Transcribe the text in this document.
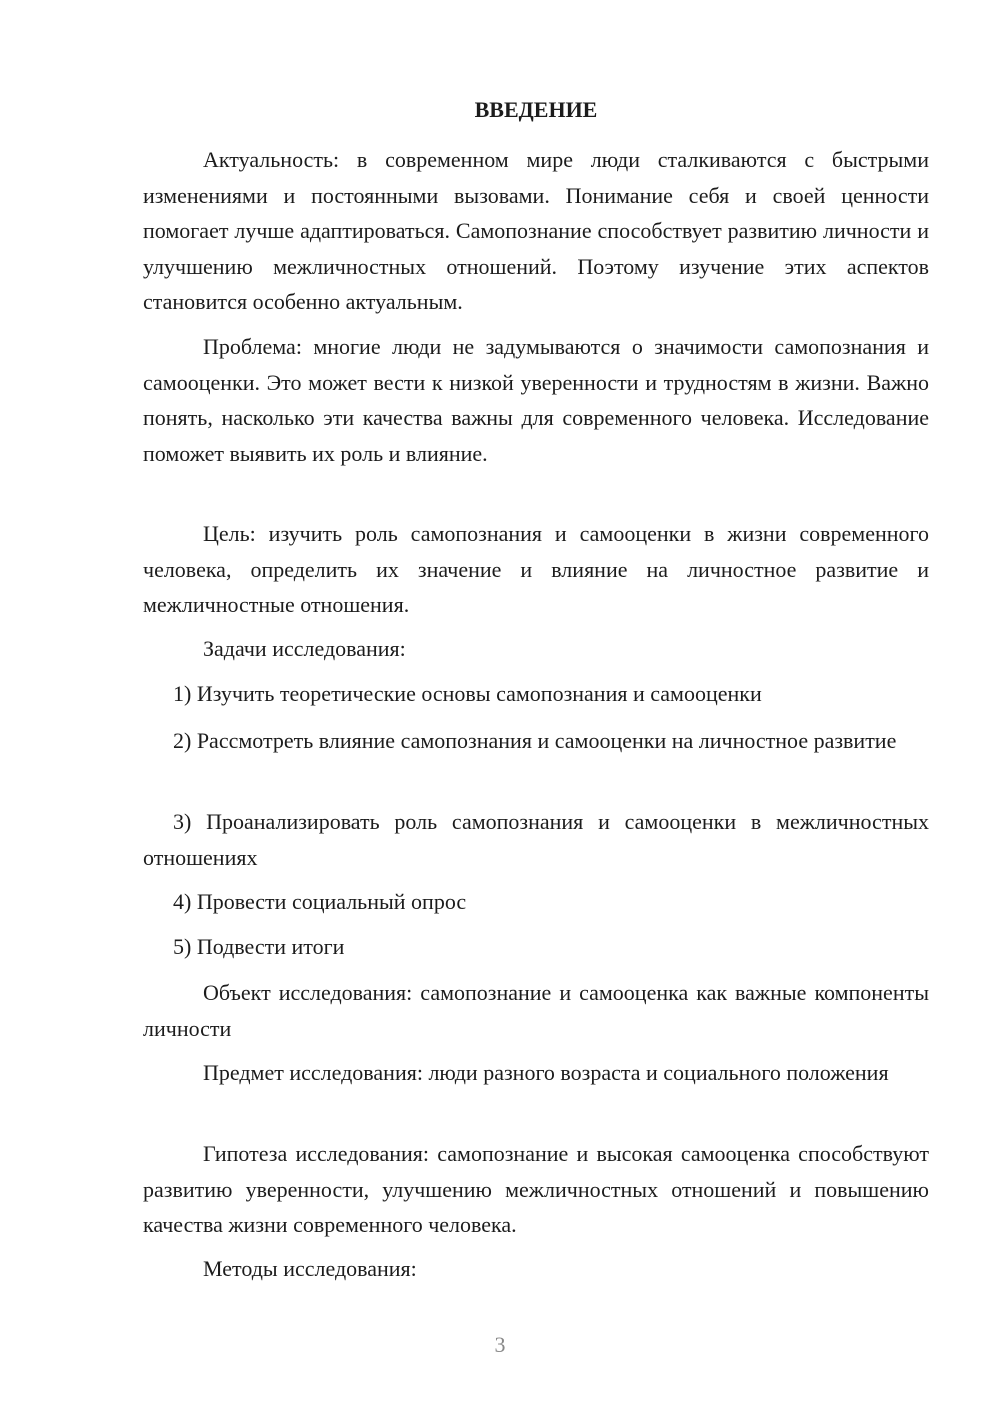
ВВЕДЕНИЕ

Актуальность: в современном мире люди сталкиваются с быстрыми изменениями и постоянными вызовами. Понимание себя и своей ценности помогает лучше адаптироваться. Самопознание способствует развитию личности и улучшению межличностных отношений. Поэтому изучение этих аспектов становится особенно актуальным.

Проблема: многие люди не задумываются о значимости самопознания и самооценки. Это может вести к низкой уверенности и трудностям в жизни. Важно понять, насколько эти качества важны для современного человека. Исследование поможет выявить их роль и влияние.

Цель: изучить роль самопознания и самооценки в жизни современного человека, определить их значение и влияние на личностное развитие и межличностные отношения.

Задачи исследования:

1) Изучить теоретические основы самопознания и самооценки

2) Рассмотреть влияние самопознания и самооценки на личностное развитие

3) Проанализировать роль самопознания и самооценки в межличностных отношениях

4) Провести социальный опрос

5) Подвести итоги

Объект исследования: самопознание и самооценка как важные компоненты личности

Предмет исследования: люди разного возраста и социального положения

Гипотеза исследования: самопознание и высокая самооценка способствуют развитию уверенности, улучшению межличностных отношений и повышению качества жизни современного человека.

Методы исследования:

3
